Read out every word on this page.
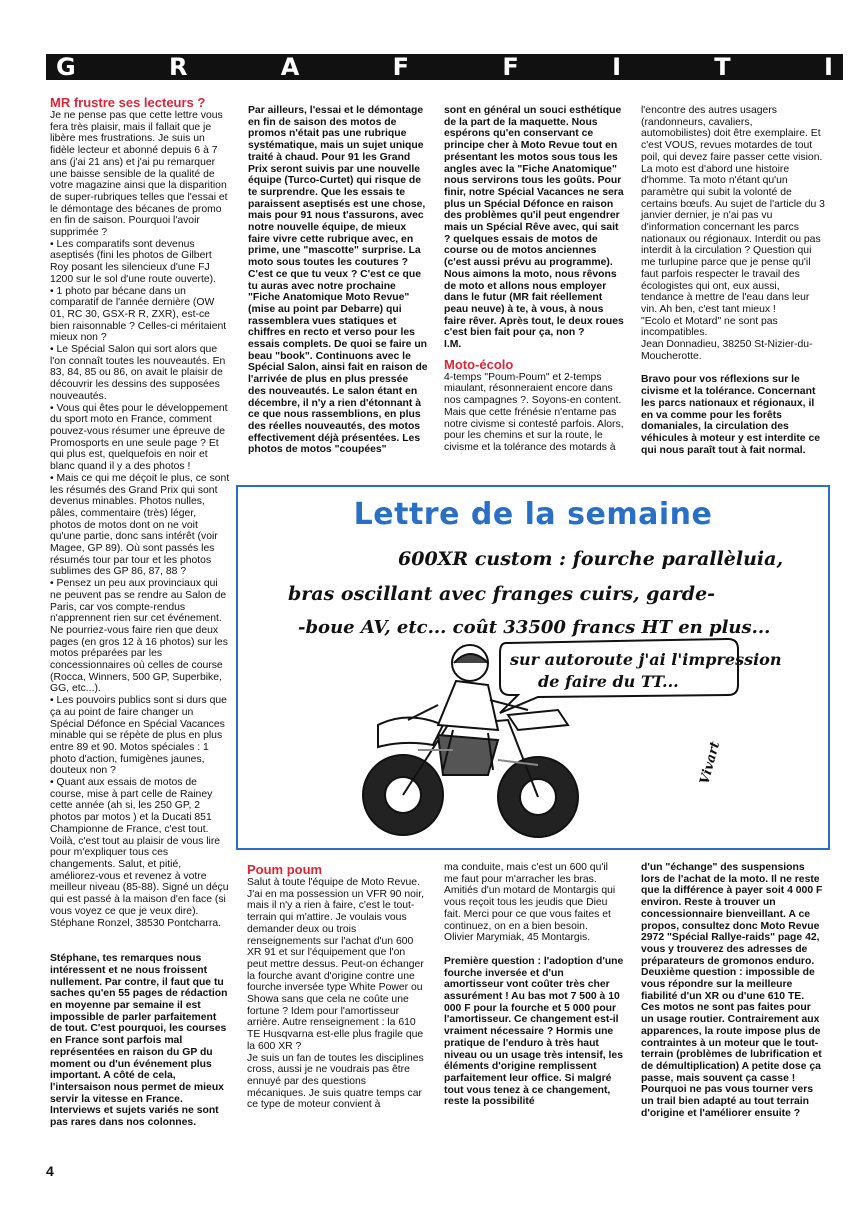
G	R	A	F	F	I	T	I

MR frustre ses lecteurs ?

Je ne pense pas que cette lettre vous fera très plaisir, mais il fallait que je libère mes frustrations. Je suis un fidèle lecteur et abonné depuis 6 à 7 ans (j'ai 21 ans) et j'ai pu remarquer une baisse sensible de la qualité de votre magazine ainsi que la disparition de super-rubriques telles que l'essai et le démontage des bécanes de promo en fin de saison. Pourquoi l'avoir supprimée ?

• Les comparatifs sont devenus aseptisés (fini les photos de Gilbert Roy posant les silencieux d'une FJ 1200 sur le sol d'une route ouverte).

• 1 photo par bécane dans un comparatif de l'année dernière (OW 01, RC 30, GSX-R R, ZXR), est-ce bien raisonnable ? Celles-ci méritaient mieux non ?

• Le Spécial Salon qui sort alors que l'on connaît toutes les nouveautés. En 83, 84, 85 ou 86, on avait le plaisir de découvrir les dessins des supposées nouveautés.

• Vous qui êtes pour le développement du sport moto en France, comment pouvez-vous résumer une épreuve de Promosports en une seule page ? Et qui plus est, quelquefois en noir et blanc quand il y a des photos !

• Mais ce qui me déçoit le plus, ce sont les résumés des Grand Prix qui sont devenus minables. Photos nulles, pâles, commentaire (très) léger, photos de motos dont on ne voit qu'une partie, donc sans intérêt (voir Magee, GP 89). Où sont passés les résumés tour par tour et les photos sublimes des GP 86, 87, 88 ?

• Pensez un peu aux provinciaux qui ne peuvent pas se rendre au Salon de Paris, car vos compte-rendus n'apprennent rien sur cet événement. Ne pourriez-vous faire rien que deux pages (en gros 12 à 16 photos) sur les motos préparées par les concessionnaires où celles de course (Rocca, Winners, 500 GP, Superbike, GG, etc...).

• Les pouvoirs publics sont si durs que ça au point de faire changer un Spécial Défonce en Spécial Vacances minable qui se répète de plus en plus entre 89 et 90. Motos spéciales : 1 photo d'action, fumigènes jaunes, douteux non ?

• Quant aux essais de motos de course, mise à part celle de Rainey cette année (ah si, les 250 GP, 2 photos par motos ) et la Ducati 851 Championne de France, c'est tout. Voilà, c'est tout au plaisir de vous lire pour m'expliquer tous ces changements. Salut, et pitié, améliorez-vous et revenez à votre meilleur niveau (85-88). Signé un déçu qui est passé à la maison d'en face (si vous voyez ce que je veux dire).

Stéphane Ronzel, 38530 Pontcharra.

Stéphane, tes remarques nous intéressent et ne nous froissent nullement. Par contre, il faut que tu saches qu'en 55 pages de rédaction en moyenne par semaine il est impossible de parler parfaitement de tout. C'est pourquoi, les courses en France sont parfois mal représentées en raison du GP du moment ou d'un événement plus important. A côté de cela, l'intersaison nous permet de mieux servir la vitesse en France. Interviews et sujets variés ne sont pas rares dans nos colonnes.

Par ailleurs, l'essai et le démontage en fin de saison des motos de promos n'était pas une rubrique systématique, mais un sujet unique traité à chaud. Pour 91 les Grand Prix seront suivis par une nouvelle équipe (Turco-Curtet) qui risque de te surprendre. Que les essais te paraissent aseptisés est une chose, mais pour 91 nous t'assurons, avec notre nouvelle équipe, de mieux faire vivre cette rubrique avec, en prime, une "mascotte" surprise. La moto sous toutes les coutures ? C'est ce que tu veux ? C'est ce que tu auras avec notre prochaine "Fiche Anatomique Moto Revue" (mise au point par Debarre) qui rassemblera vues statiques et chiffres en recto et verso pour les essais complets. De quoi se faire un beau "book". Continuons avec le Spécial Salon, ainsi fait en raison de l'arrivée de plus en plus pressée des nouveautés. Le salon étant en décembre, il n'y a rien d'étonnant à ce que nous rassemblions, en plus des réelles nouveautés, des motos effectivement déjà présentées. Les photos de motos "coupées"

sont en général un souci esthétique de la part de la maquette. Nous espérons qu'en conservant ce principe cher à Moto Revue tout en présentant les motos sous tous les angles avec la "Fiche Anatomique" nous servirons tous les goûts. Pour finir, notre Spécial Vacances ne sera plus un Spécial Défonce en raison des problèmes qu'il peut engendrer mais un Spécial Rêve avec, qui sait ? quelques essais de motos de course ou de motos anciennes (c'est aussi prévu au programme). Nous aimons la moto, nous rêvons de moto et allons nous employer dans le futur (MR fait réellement peau neuve) à te, à vous, à nous faire rêver. Après tout, le deux roues c'est bien fait pour ça, non ?

I.M.

Moto-écolo

4-temps "Poum-Poum" et 2-temps miaulant, résonneraient encore dans nos campagnes ?. Soyons-en content. Mais que cette frénésie n'entame pas notre civisme si contesté parfois. Alors, pour les chemins et sur la route, le civisme et la tolérance des motards à

l'encontre des autres usagers (randonneurs, cavaliers, automobilistes) doit être exemplaire. Et c'est VOUS, revues motardes de tout poil, qui devez faire passer cette vision.

La moto est d'abord une histoire d'homme. Ta moto n'étant qu'un paramètre qui subit la volonté de certains bœufs. Au sujet de l'article du 3 janvier dernier, je n'ai pas vu d'information concernant les parcs nationaux ou régionaux. Interdit ou pas interdit à la circulation ? Question qui me turlupine parce que je pense qu'il faut parfois respecter le travail des écologistes qui ont, eux aussi, tendance à mettre de l'eau dans leur vin. Ah ben, c'est tant mieux !

"Ecolo et Motard" ne sont pas incompatibles.

Jean Donnadieu, 38250 St-Nizier-du-Moucherotte.

Bravo pour vos réflexions sur le civisme et la tolérance. Concernant les parcs nationaux et régionaux, il en va comme pour les forêts domaniales, la circulation des véhicules à moteur y est interdite ce qui nous paraît tout à fait normal.

Lettre de la semaine
600XR custom : fourche parallèluia,
bras oscillant avec franges cuirs, garde-
-boue AV, etc... coût 33500 francs HT en plus...
sur autoroute j'ai l'impression
de faire du TT...
Vivart

Poum poum

Salut à toute l'équipe de Moto Revue. J'ai en ma possession un VFR 90 noir, mais il n'y a rien à faire, c'est le tout-terrain qui m'attire. Je voulais vous demander deux ou trois renseignements sur l'achat d'un 600 XR 91 et sur l'équipement que l'on peut mettre dessus. Peut-on échanger la fourche avant d'origine contre une fourche inversée type White Power ou Showa sans que cela ne coûte une fortune ? Idem pour l'amortisseur arrière. Autre renseignement : la 610 TE Husqvarna est-elle plus fragile que la 600 XR ?

Je suis un fan de toutes les disciplines cross, aussi je ne voudrais pas être ennuyé par des questions mécaniques. Je suis quatre temps car ce type de moteur convient à

ma conduite, mais c'est un 600 qu'il me faut pour m'arracher les bras. Amitiés d'un motard de Montargis qui vous reçoit tous les jeudis que Dieu fait. Merci pour ce que vous faites et continuez, on en a bien besoin.

Olivier Marymiak, 45 Montargis.

Première question : l'adoption d'une fourche inversée et d'un amortisseur vont coûter très cher assurément ! Au bas mot 7 500 à 10 000 F pour la fourche et 5 000 pour l'amortisseur. Ce changement est-il vraiment nécessaire ? Hormis une pratique de l'enduro à très haut niveau ou un usage très intensif, les éléments d'origine remplissent parfaitement leur office. Si malgré tout vous tenez à ce changement, reste la possibilité

d'un "échange" des suspensions lors de l'achat de la moto. Il ne reste que la différence à payer soit 4 000 F environ. Reste à trouver un concessionnaire bienveillant. A ce propos, consultez donc Moto Revue 2972 "Spécial Rallye-raids" page 42, vous y trouverez des adresses de préparateurs de gromonos enduro. Deuxième question : impossible de vous répondre sur la meilleure fiabilité d'un XR ou d'une 610 TE. Ces motos ne sont pas faites pour un usage routier. Contrairement aux apparences, la route impose plus de contraintes à un moteur que le tout-terrain (problèmes de lubrification et de démultiplication) A petite dose ça passe, mais souvent ça casse ! Pourquoi ne pas vous tourner vers un trail bien adapté au tout terrain d'origine et l'améliorer ensuite ?

4
